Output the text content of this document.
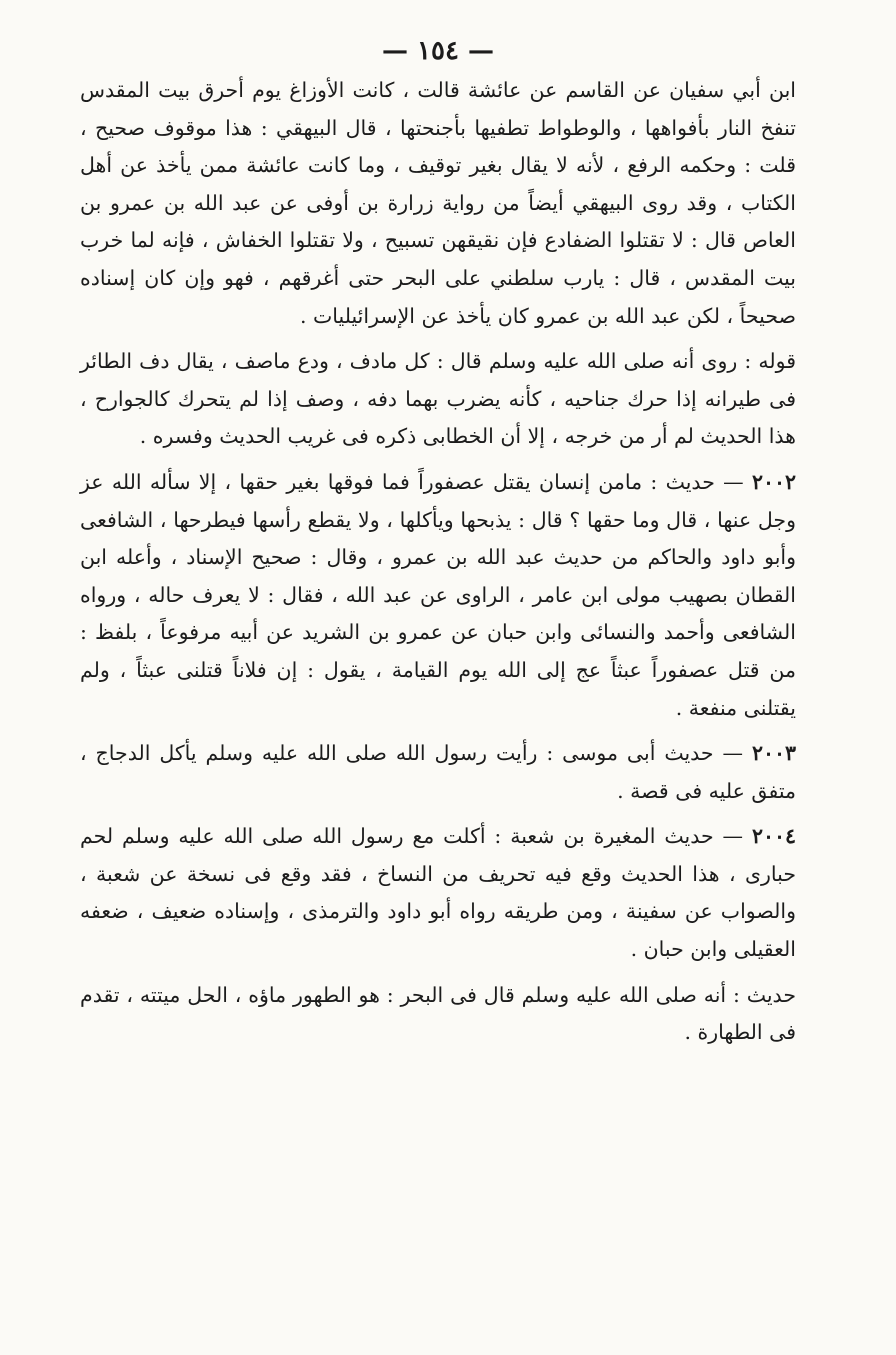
— ١٥٤ —

ابن أبي سفيان عن القاسم عن عائشة قالت ، كانت الأوزاغ يوم أحرق بيت المقدس تنفخ النار بأفواهها ، والوطواط تطفيها بأجنحتها ، قال البيهقي : هذا موقوف صحيح ، قلت : وحكمه الرفع ، لأنه لا يقال بغير توقيف ، وما كانت عائشة ممن يأخذ عن أهل الكتاب ، وقد روى البيهقي أيضاً من رواية زرارة بن أوفى عن عبد الله بن عمرو بن العاص قال : لا تقتلوا الضفادع فإن نقيقهن تسبيح ، ولا تقتلوا الخفاش ، فإنه لما خرب بيت المقدس ، قال : يارب سلطني على البحر حتى أغرقهم ، فهو وإن كان إسناده صحيحاً ، لكن عبد الله بن عمرو كان يأخذ عن الإسرائيليات .

قوله : روى أنه صلى الله عليه وسلم قال : كل مادف ، ودع ماصف ، يقال دف الطائر فى طيرانه إذا حرك جناحيه ، كأنه يضرب بهما دفه ، وصف إذا لم يتحرك كالجوارح ، هذا الحديث لم أر من خرجه ، إلا أن الخطابى ذكره فى غريب الحديث وفسره .

٢٠٠٢ — حديث : مامن إنسان يقتل عصفوراً فما فوقها بغير حقها ، إلا سأله الله عز وجل عنها ، قال وما حقها ؟ قال : يذبحها ويأكلها ، ولا يقطع رأسها فيطرحها ، الشافعى وأبو داود والحاكم من حديث عبد الله بن عمرو ، وقال : صحيح الإسناد ، وأعله ابن القطان بصهيب مولى ابن عامر ، الراوى عن عبد الله ، فقال : لا يعرف حاله ، ورواه الشافعى وأحمد والنسائى وابن حبان عن عمرو بن الشريد عن أبيه مرفوعاً ، بلفظ : من قتل عصفوراً عبثاً عج إلى الله يوم القيامة ، يقول : إن فلاناً قتلنى عبثاً ، ولم يقتلنى منفعة .

٢٠٠٣ — حديث أبى موسى : رأيت رسول الله صلى الله عليه وسلم يأكل الدجاج ، متفق عليه فى قصة .

٢٠٠٤ — حديث المغيرة بن شعبة : أكلت مع رسول الله صلى الله عليه وسلم لحم حبارى ، هذا الحديث وقع فيه تحريف من النساخ ، فقد وقع فى نسخة عن شعبة ، والصواب عن سفينة ، ومن طريقه رواه أبو داود والترمذى ، وإسناده ضعيف ، ضعفه العقيلى وابن حبان .

حديث : أنه صلى الله عليه وسلم قال فى البحر : هو الطهور ماؤه ، الحل ميتته ، تقدم فى الطهارة .
